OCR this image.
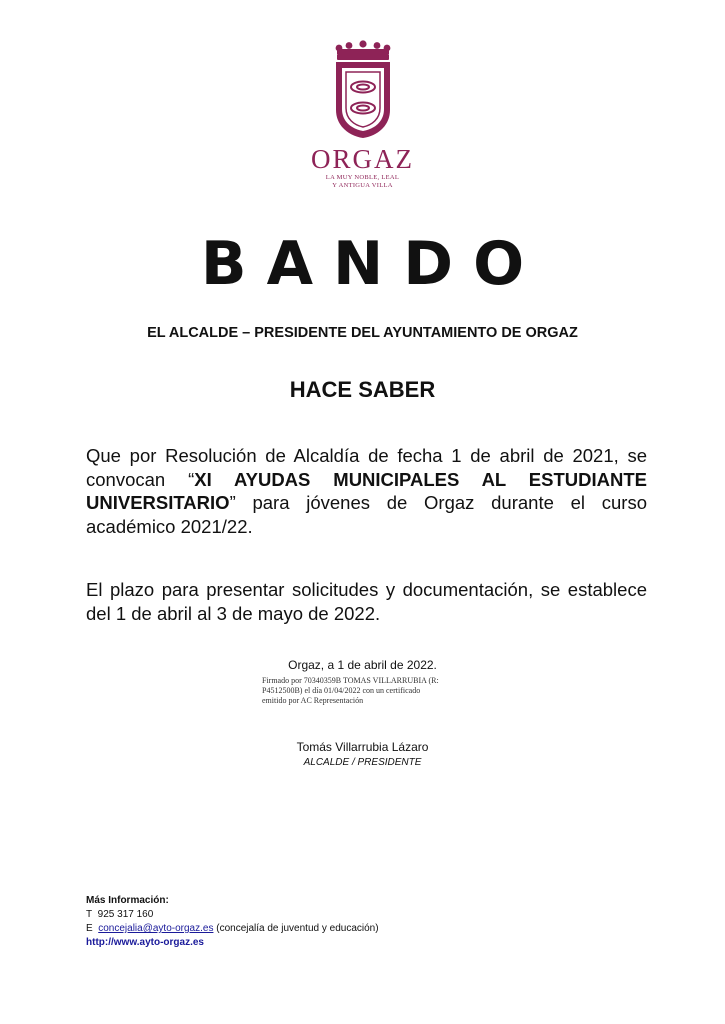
ORGAZ
LA MUY NOBLE, LEAL
Y ANTIGUA VILLA
BANDO
EL ALCALDE – PRESIDENTE DEL AYUNTAMIENTO DE ORGAZ
HACE SABER
Que por Resolución de Alcaldía de fecha 1 de abril de 2021, se convocan “XI AYUDAS MUNICIPALES AL ESTUDIANTE UNIVERSITARIO” para jóvenes de Orgaz durante el curso académico 2021/22.
El plazo para presentar solicitudes y documentación, se establece del 1 de abril al 3 de mayo de 2022.
Orgaz, a 1 de abril de 2022.
Firmado por 70340359B TOMAS VILLARRUBIA (R:
P4512500B) el día 01/04/2022 con un certificado
emitido por AC Representación
Tomás Villarrubia Lázaro
ALCALDE / PRESIDENTE
Más Información:
T 925 317 160
E concejalia@ayto-orgaz.es (concejalía de juventud y educación)
http://www.ayto-orgaz.es
